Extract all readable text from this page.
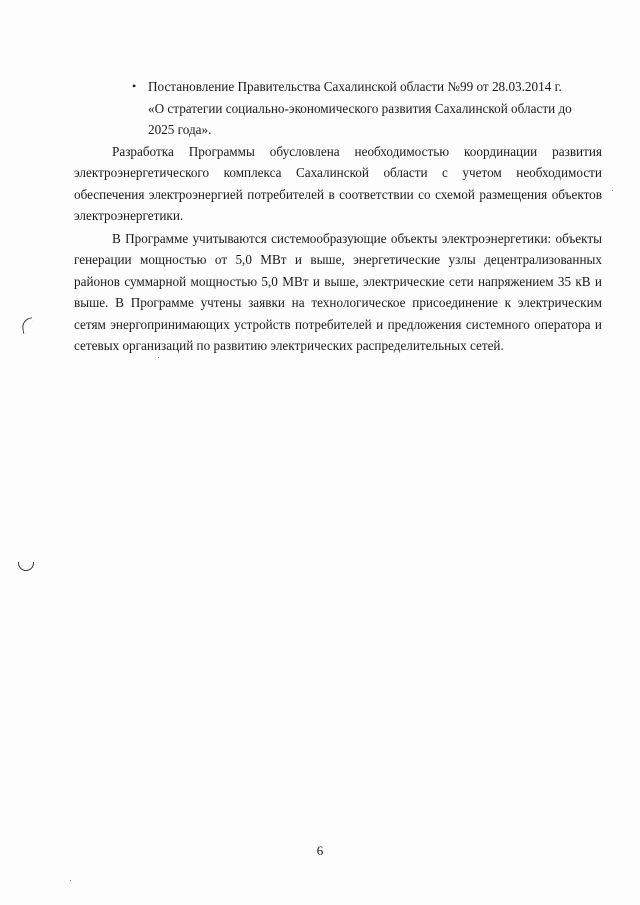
• Постановление Правительства Сахалинской области №99 от 28.03.2014 г.
«О стратегии социально-экономического развития Сахалинской области до
2025 года».

Разработка Программы обусловлена необходимостью координации развития электроэнергетического комплекса Сахалинской области с учетом необходимости обеспечения электроэнергией потребителей в соответствии со схемой размещения объектов электроэнергетики.

В Программе учитываются системообразующие объекты электроэнергетики: объекты генерации мощностью от 5,0 МВт и выше, энергетические узлы децентрализованных районов суммарной мощностью 5,0 МВт и выше, электрические сети напряжением 35 кВ и выше. В Программе учтены заявки на технологическое присоединение к электрическим сетям энергопринимающих устройств потребителей и предложения системного оператора и сетевых организаций по развитию электрических распределительных сетей.

6
